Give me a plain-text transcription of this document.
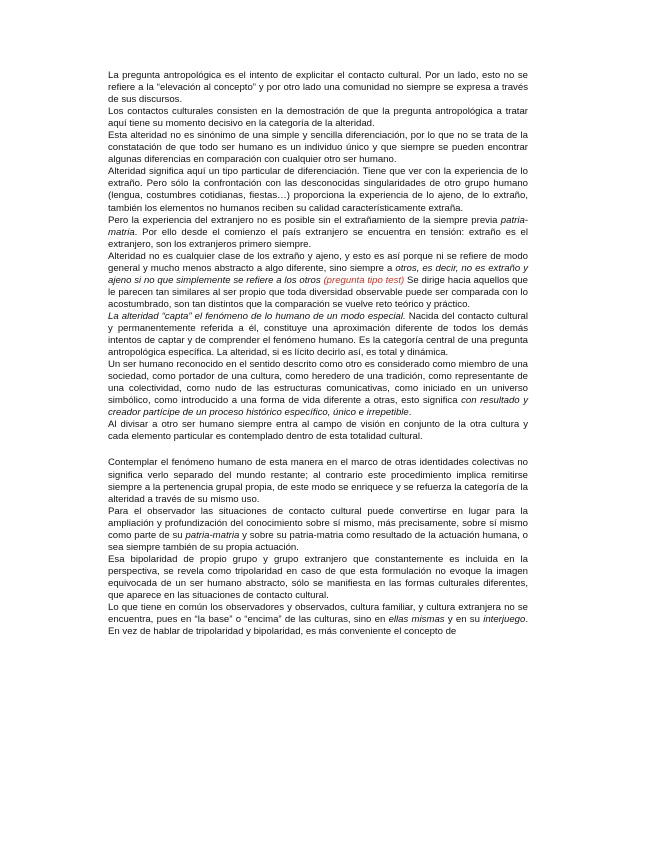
La pregunta antropológica es el intento de explicitar el contacto cultural. Por un lado, esto no se refiere a la “elevación al concepto” y por otro lado una comunidad no siempre se expresa a través de sus discursos.

Los contactos culturales consisten en la demostración de que la pregunta antropológica a tratar aquí tiene su momento decisivo en la categoría de la alteridad.

Esta alteridad no es sinónimo de una simple y sencilla diferenciación, por lo que no se trata de la constatación de que todo ser humano es un individuo único y que siempre se pueden encontrar algunas diferencias en comparación con cualquier otro ser humano.

Alteridad significa aquí un tipo particular de diferenciación. Tiene que ver con la experiencia de lo extraño. Pero sólo la confrontación con las desconocidas singularidades de otro grupo humano (lengua, costumbres cotidianas, fiestas…) proporciona la experiencia de lo ajeno, de lo extraño, también los elementos no humanos reciben su calidad característicamente extraña.

Pero la experiencia del extranjero no es posible sin el extrañamiento de la siempre previa patria-matria. Por ello desde el comienzo el país extranjero se encuentra en tensión: extraño es el extranjero, son los extranjeros primero siempre.

Alteridad no es cualquier clase de los extraño y ajeno, y esto es así porque ni se refiere de modo general y mucho menos abstracto a algo diferente, sino siempre a otros, es decir, no es extraño y ajeno si no que simplemente se refiere a los otros (pregunta tipo test) Se dirige hacia aquellos que le parecen tan similares al ser propio que toda diversidad observable puede ser comparada con lo acostumbrado, son tan distintos que la comparación se vuelve reto teórico y práctico.

La alteridad “capta” el fenómeno de lo humano de un modo especial. Nacida del contacto cultural y permanentemente referida a él, constituye una aproximación diferente de todos los demás intentos de captar y de comprender el fenómeno humano. Es la categoría central de una pregunta antropológica específica. La alteridad, si es lícito decirlo así, es total y dinámica.

Un ser humano reconocido en el sentido descrito como otro es considerado como miembro de una sociedad, como portador de una cultura, como heredero de una tradición, como representante de una colectividad, como nudo de las estructuras comunicativas, como iniciado en un universo simbólico, como introducido a una forma de vida diferente a otras, esto significa con resultado y creador partícipe de un proceso histórico específico, único e irrepetible.

Al divisar a otro ser humano siempre entra al campo de visión en conjunto de la otra cultura y cada elemento particular es contemplado dentro de esta totalidad cultural.

Contemplar el fenómeno humano de esta manera en el marco de otras identidades colectivas no significa verlo separado del mundo restante; al contrario este procedimiento implica remitirse siempre a la pertenencia grupal propia, de este modo se enriquece y se refuerza la categoría de la alteridad a través de su mismo uso.

Para el observador las situaciones de contacto cultural puede convertirse en lugar para la ampliación y profundización del conocimiento sobre sí mismo, más precisamente, sobre sí mismo como parte de su patria-matria y sobre su patria-matria como resultado de la actuación humana, o sea siempre también de su propia actuación.

Esa bipolaridad de propio grupo y grupo extranjero que constantemente es incluida en la perspectiva, se revela como tripolaridad en caso de que esta formulación no evoque la imagen equivocada de un ser humano abstracto, sólo se manifiesta en las formas culturales diferentes, que aparece en las situaciones de contacto cultural.

Lo que tiene en común los observadores y observados, cultura familiar, y cultura extranjera no se encuentra, pues en “la base” o “encima” de las culturas, sino en ellas mismas y en su interjuego. En vez de hablar de tripolaridad y bipolaridad, es más conveniente el concepto de
